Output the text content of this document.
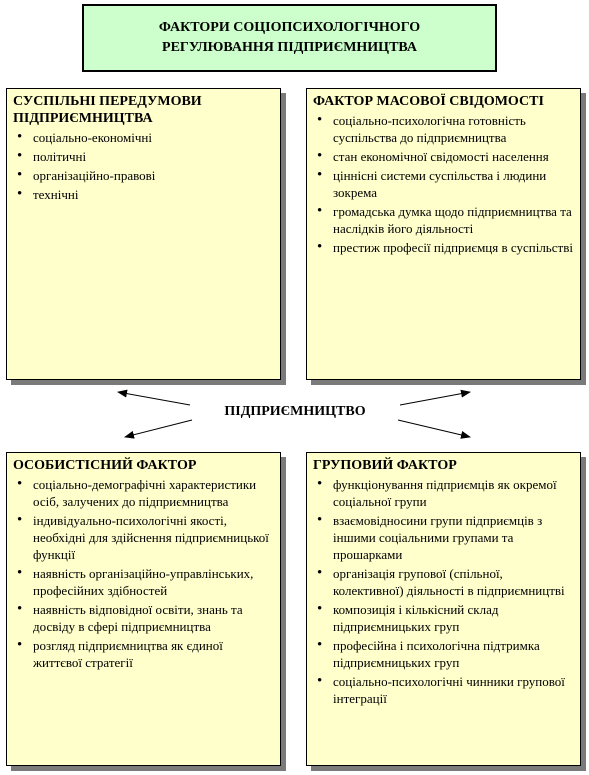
ФАКТОРИ СОЦІОПСИХОЛОГІЧНОГО
РЕГУЛЮВАННЯ ПІДПРИЄМНИЦТВА
СУСПІЛЬНІ ПЕРЕДУМОВИ ПІДПРИЄМНИЦТВА
• соціально-економічні
• політичні
• організаційно-правові
• технічні
ФАКТОР МАСОВОЇ СВІДОМОСТІ
• соціально-психологічна готовність суспільства до підприємництва
• стан економічної свідомості населення
• ціннісні системи суспільства і людини зокрема
• громадська думка щодо підприємництва та наслідків його діяльності
• престиж професії підприємця в суспільстві
ПІДПРИЄМНИЦТВО
ОСОБИСТІСНИЙ ФАКТОР
• соціально-демографічні характеристики осіб, залучених до підприємництва
• індивідуально-психологічні якості, необхідні для здійснення підприємницької функції
• наявність організаційно-управлінських, професійних здібностей
• наявність відповідної освіти, знань та досвіду в сфері підприємництва
• розгляд підприємництва як єдиної життєвої стратегії
ГРУПОВИЙ ФАКТОР
• функціонування підприємців як окремої соціальної групи
• взаємовідносини групи підприємців з іншими соціальними групами та прошарками
• організація групової (спільної, колективної) діяльності в підприємництві
• композиція і кількісний склад підприємницьких груп
• професійна і психологічна підтримка підприємницьких груп
• соціально-психологічні чинники групової інтеграції
